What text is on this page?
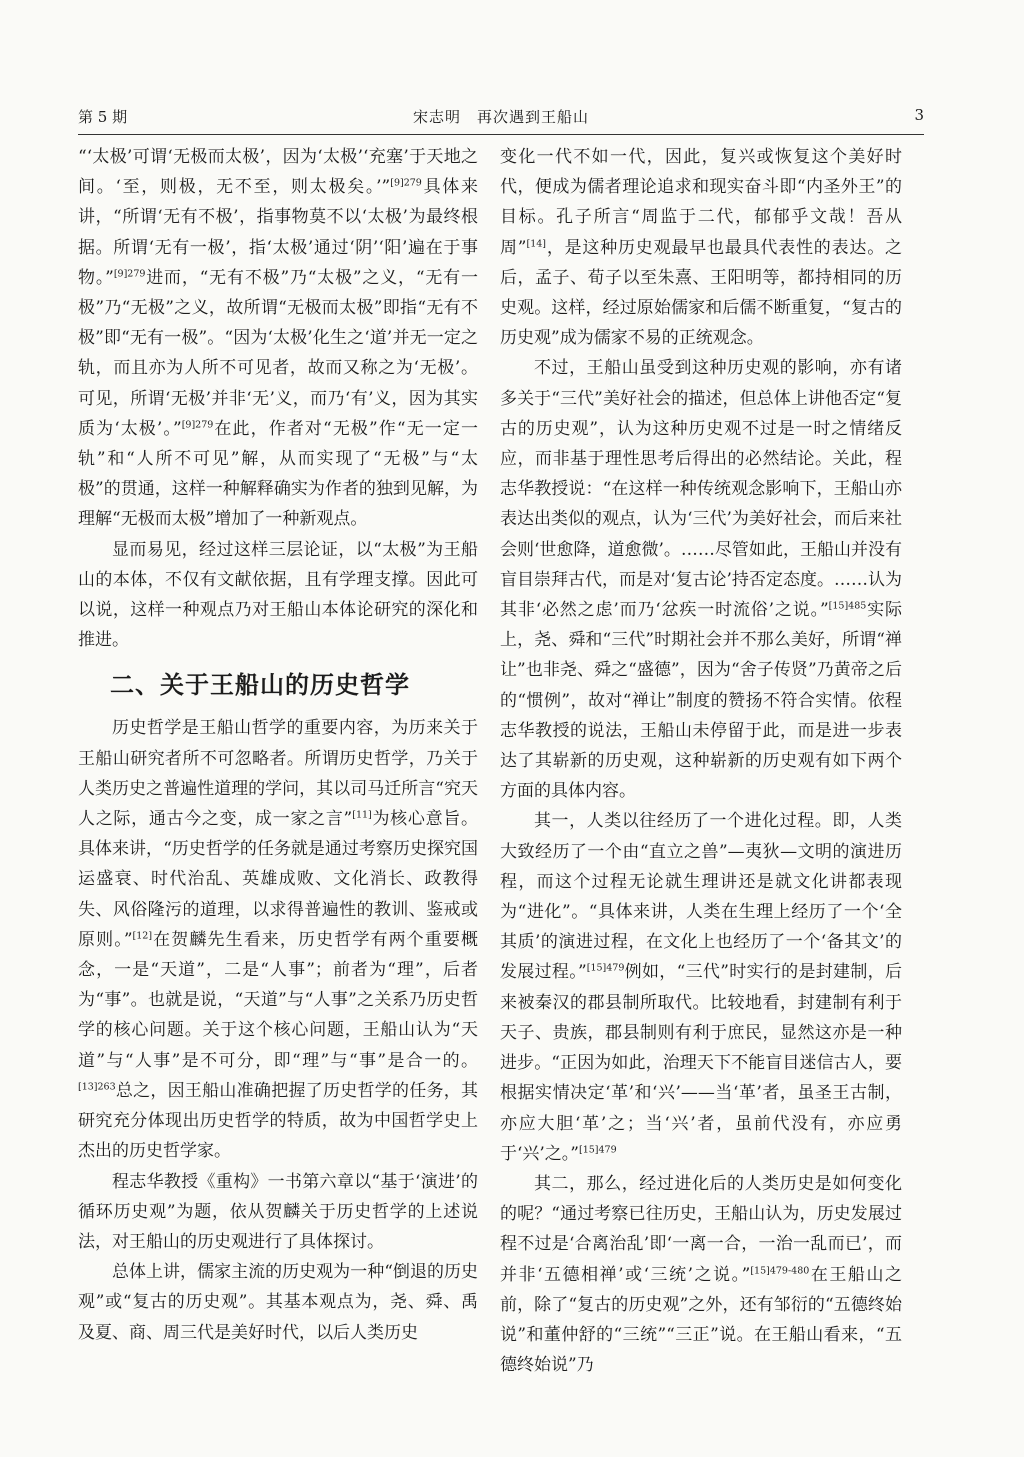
第 5 期	宋志明　再次遇到王船山	3

“‘太极’可谓‘无极而太极’，因为‘太极’‘充塞’于天地之间。‘至，则极，无不至，则太极矣。’”$^{[9]279}$具体来讲，“所谓‘无有不极’，指事物莫不以‘太极’为最终根据。所谓‘无有一极’，指‘太极’通过‘阴’‘阳’遍在于事物。”$^{[9]279}$进而，“无有不极”乃“太极”之义，“无有一极”乃“无极”之义，故所谓“无极而太极”即指“无有不极”即“无有一极”。“因为‘太极’化生之‘道’并无一定之轨，而且亦为人所不可见者，故而又称之为‘无极’。可见，所谓‘无极’并非‘无’义，而乃‘有’义，因为其实质为‘太极’。”$^{[9]279}$在此，作者对“无极”作“无一定一轨”和“人所不可见”解，从而实现了“无极”与“太极”的贯通，这样一种解释确实为作者的独到见解，为理解“无极而太极”增加了一种新观点。

显而易见，经过这样三层论证，以“太极”为王船山的本体，不仅有文献依据，且有学理支撑。因此可以说，这样一种观点乃对王船山本体论研究的深化和推进。

二、关于王船山的历史哲学

历史哲学是王船山哲学的重要内容，为历来关于王船山研究者所不可忽略者。所谓历史哲学，乃关于人类历史之普遍性道理的学问，其以司马迁所言“究天人之际，通古今之变，成一家之言”[11]为核心意旨。具体来讲，“历史哲学的任务就是通过考察历史探究国运盛衰、时代治乱、英雄成败、文化消长、政教得失、风俗隆污的道理，以求得普遍性的教训、鉴戒或原则。”[12]在贺麟先生看来，历史哲学有两个重要概念，一是“天道”，二是“人事”；前者为“理”，后者为“事”。也就是说，“天道”与“人事”之关系乃历史哲学的核心问题。关于这个核心问题，王船山认为“天道”与“人事”是不可分，即“理”与“事”是合一的。$^{[13]263}$总之，因王船山准确把握了历史哲学的任务，其研究充分体现出历史哲学的特质，故为中国哲学史上杰出的历史哲学家。

程志华教授《重构》一书第六章以“基于‘演进’的循环历史观”为题，依从贺麟关于历史哲学的上述说法，对王船山的历史观进行了具体探讨。

总体上讲，儒家主流的历史观为一种“倒退的历史观”或“复古的历史观”。其基本观点为，尧、舜、禹及夏、商、周三代是美好时代，以后人类历史

变化一代不如一代，因此，复兴或恢复这个美好时代，便成为儒者理论追求和现实奋斗即“内圣外王”的目标。孔子所言“周监于二代，郁郁乎文哉！吾从周”[14]，是这种历史观最早也最具代表性的表达。之后，孟子、荀子以至朱熹、王阳明等，都持相同的历史观。这样，经过原始儒家和后儒不断重复，“复古的历史观”成为儒家不易的正统观念。

不过，王船山虽受到这种历史观的影响，亦有诸多关于“三代”美好社会的描述，但总体上讲他否定“复古的历史观”，认为这种历史观不过是一时之情绪反应，而非基于理性思考后得出的必然结论。关此，程志华教授说：“在这样一种传统观念影响下，王船山亦表达出类似的观点，认为‘三代’为美好社会，而后来社会则‘世愈降，道愈微’。……尽管如此，王船山并没有盲目崇拜古代，而是对‘复古论’持否定态度。……认为其非‘必然之虑’而乃‘忿疾一时流俗’之说。”$^{[15]485}$实际上，尧、舜和“三代”时期社会并不那么美好，所谓“禅让”也非尧、舜之“盛德”，因为“舍子传贤”乃黄帝之后的“惯例”，故对“禅让”制度的赞扬不符合实情。依程志华教授的说法，王船山未停留于此，而是进一步表达了其崭新的历史观，这种崭新的历史观有如下两个方面的具体内容。

其一，人类以往经历了一个进化过程。即，人类大致经历了一个由“直立之兽”—夷狄—文明的演进历程，而这个过程无论就生理讲还是就文化讲都表现为“进化”。“具体来讲，人类在生理上经历了一个‘全其质’的演进过程，在文化上也经历了一个‘备其文’的发展过程。”$^{[15]479}$例如，“三代”时实行的是封建制，后来被秦汉的郡县制所取代。比较地看，封建制有利于天子、贵族，郡县制则有利于庶民，显然这亦是一种进步。“正因为如此，治理天下不能盲目迷信古人，要根据实情决定‘革’和‘兴’——当‘革’者，虽圣王古制，亦应大胆‘革’之；当‘兴’者，虽前代没有，亦应勇于‘兴’之。”$^{[15]479}$

其二，那么，经过进化后的人类历史是如何变化的呢？“通过考察已往历史，王船山认为，历史发展过程不过是‘合离治乱’即‘一离一合，一治一乱而已’，而并非‘五德相禅’或‘三统’之说。”$^{[15]479-480}$在王船山之前，除了“复古的历史观”之外，还有邹衍的“五德终始说”和董仲舒的“三统”“三正”说。在王船山看来，“五德终始说”乃
